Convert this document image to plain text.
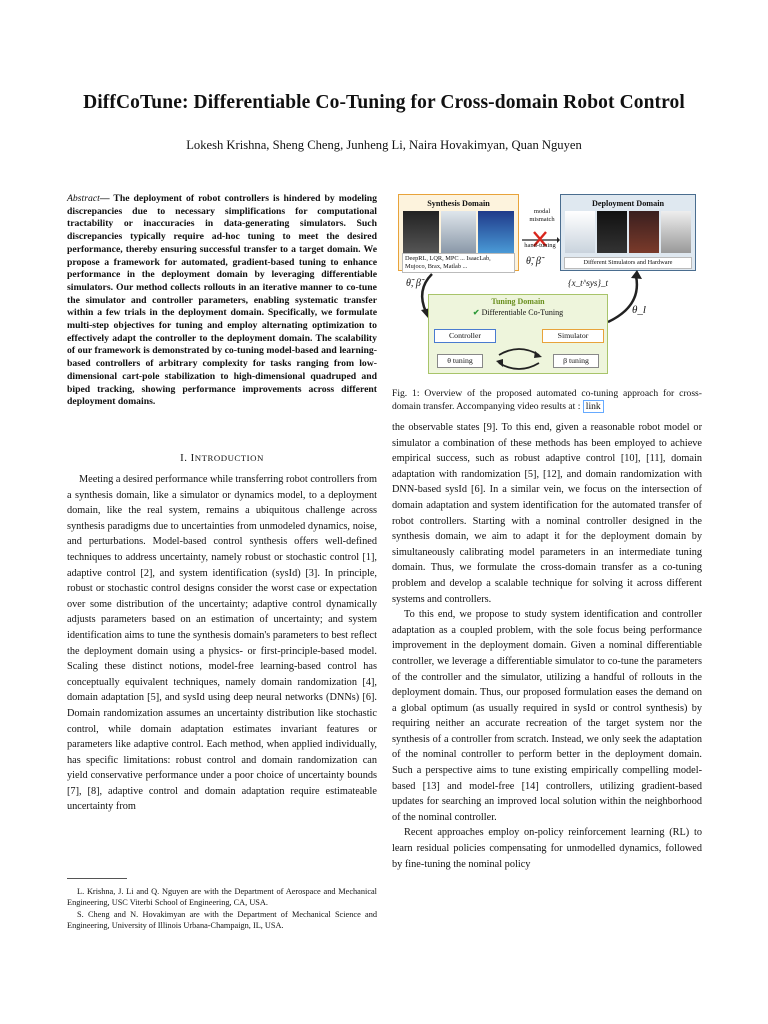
DiffCoTune: Differentiable Co-Tuning for Cross-domain Robot Control
Lokesh Krishna, Sheng Cheng, Junheng Li, Naira Hovakimyan, Quan Nguyen
Abstract— The deployment of robot controllers is hindered by modeling discrepancies due to necessary simplifications for computational tractability or inaccuracies in data-generating simulators. Such discrepancies typically require ad-hoc tuning to meet the desired performance, thereby ensuring successful transfer to a target domain. We propose a framework for automated, gradient-based tuning to enhance performance in the deployment domain by leveraging differentiable simulators. Our method collects rollouts in an iterative manner to co-tune the simulator and controller parameters, enabling systematic transfer within a few trials in the deployment domain. Specifically, we formulate multi-step objectives for tuning and employ alternating optimization to effectively adapt the controller to the deployment domain. The scalability of our framework is demonstrated by co-tuning model-based and learning-based controllers of arbitrary complexity for tasks ranging from low-dimensional cart-pole stabilization to high-dimensional quadruped and biped tracking, showing performance improvements across different deployment domains.
I. INTRODUCTION

Meeting a desired performance while transferring robot controllers from a synthesis domain, like a simulator or dynamics model, to a deployment domain, like the real system, remains a ubiquitous challenge across synthesis paradigms due to uncertainties from unmodeled dynamics, noise, and perturbations. Model-based control synthesis offers well-defined techniques to address uncertainty, namely robust or stochastic control [1], adaptive control [2], and system identification (sysId) [3]. In principle, robust or stochastic control designs consider the worst case or expectation over some distribution of the uncertainty; adaptive control dynamically adjusts parameters based on an estimation of uncertainty; and system identification aims to tune the synthesis domain's parameters to best reflect the deployment domain using a physics- or first-principle-based model. Scaling these distinct notions, model-free learning-based control has conceptually equivalent techniques, namely domain randomization [4], domain adaptation [5], and sysId using deep neural networks (DNNs) [6]. Domain randomization assumes an uncertainty distribution like stochastic control, while domain adaptation estimates invariant features or parameters like adaptive control. Each method, when applied individually, has specific limitations: robust control and domain randomization can yield conservative performance under a poor choice of uncertainty bounds [7], [8], adaptive control and domain adaptation require estimateable uncertainty from

L. Krishna, J. Li and Q. Nguyen are with the Department of Aerospace and Mechanical Engineering, USC Viterbi School of Engineering, CA, USA.

S. Cheng and N. Hovakimyan are with the Department of Mechanical Science and Engineering, University of Illinois Urbana-Champaign, IL, USA.

Synthesis Domain
DeepRL, LQR, MPC ... IsaacLab, Mujoco, Brax, Matlab ...
modal mismatch
hand-tuning
θ̃, β̃
Deployment Domain
Different Simulators and Hardware
θ̃, β̃	{x_t^sys}_t
θ_l
Tuning Domain
✔ Differentiable Co-Tuning
Controller	Simulator
θ tuning	β tuning
Fig. 1: Overview of the proposed automated co-tuning approach for cross-domain transfer. Accompanying video results at : link

the observable states [9]. To this end, given a reasonable robot model or simulator a combination of these methods has been employed to achieve empirical success, such as robust adaptive control [10], [11], domain adaptation with randomization [5], [12], and domain randomization with DNN-based sysId [6]. In a similar vein, we focus on the intersection of domain adaptation and system identification for the automated transfer of robot controllers. Starting with a nominal controller designed in the synthesis domain, we aim to adapt it for the deployment domain by simultaneously calibrating model parameters in an intermediate tuning domain. Thus, we formulate the cross-domain transfer as a co-tuning problem and develop a scalable technique for solving it across different systems and controllers.

To this end, we propose to study system identification and controller adaptation as a coupled problem, with the sole focus being performance improvement in the deployment domain. Given a nominal differentiable controller, we leverage a differentiable simulator to co-tune the parameters of the controller and the simulator, utilizing a handful of rollouts in the deployment domain. Thus, our proposed formulation eases the demand on a global optimum (as usually required in sysId or control synthesis) by requiring neither an accurate recreation of the target system nor the synthesis of a controller from scratch. Instead, we only seek the adaptation of the nominal controller to perform better in the deployment domain. Such a perspective aims to tune existing empirically compelling model-based [13] and model-free [14] controllers, utilizing gradient-based updates for searching an improved local solution within the neighborhood of the nominal controller.

Recent approaches employ on-policy reinforcement learning (RL) to learn residual policies compensating for unmodelled dynamics, followed by fine-tuning the nominal policy
